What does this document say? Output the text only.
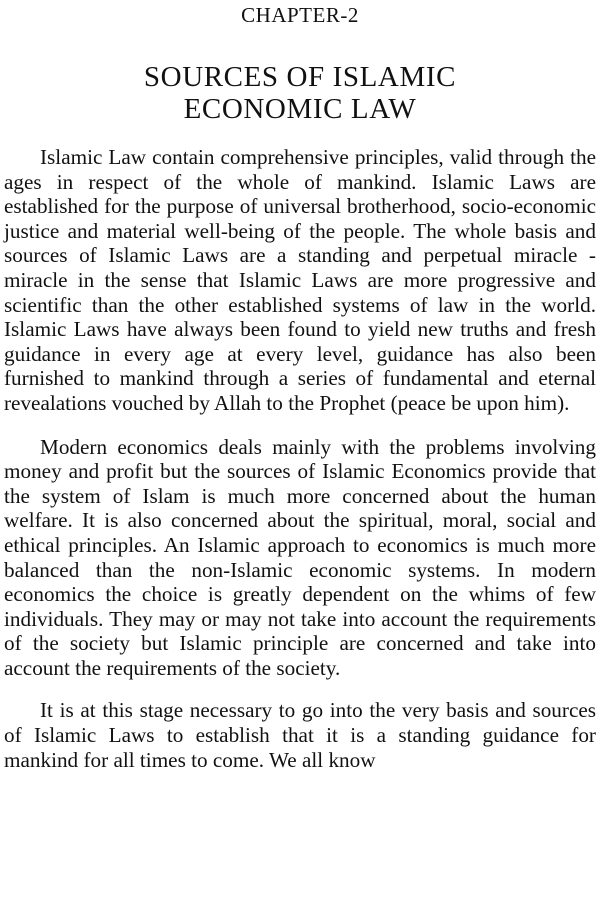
CHAPTER-2
SOURCES OF ISLAMIC
ECONOMIC LAW

Islamic Law contain comprehensive principles, valid through the ages in respect of the whole of mankind. Islamic Laws are established for the purpose of universal brotherhood, socio-economic justice and material well-being of the people. The whole basis and sources of Islamic Laws are a standing and perpetual miracle - miracle in the sense that Islamic Laws are more progressive and scientific than the other established systems of law in the world. Islamic Laws have always been found to yield new truths and fresh guidance in every age at every level, guidance has also been furnished to mankind through a series of fundamental and eternal revealations vouched by Allah to the Prophet (peace be upon him).

Modern economics deals mainly with the problems involving money and profit but the sources of Islamic Economics provide that the system of Islam is much more concerned about the human welfare. It is also concerned about the spiritual, moral, social and ethical principles. An Islamic approach to economics is much more balanced than the non-Islamic economic systems. In modern economics the choice is greatly dependent on the whims of few individuals. They may or may not take into account the requirements of the society but Islamic principle are concerned and take into account the requirements of the society.

It is at this stage necessary to go into the very basis and sources of Islamic Laws to establish that it is a standing guidance for mankind for all times to come. We all know
